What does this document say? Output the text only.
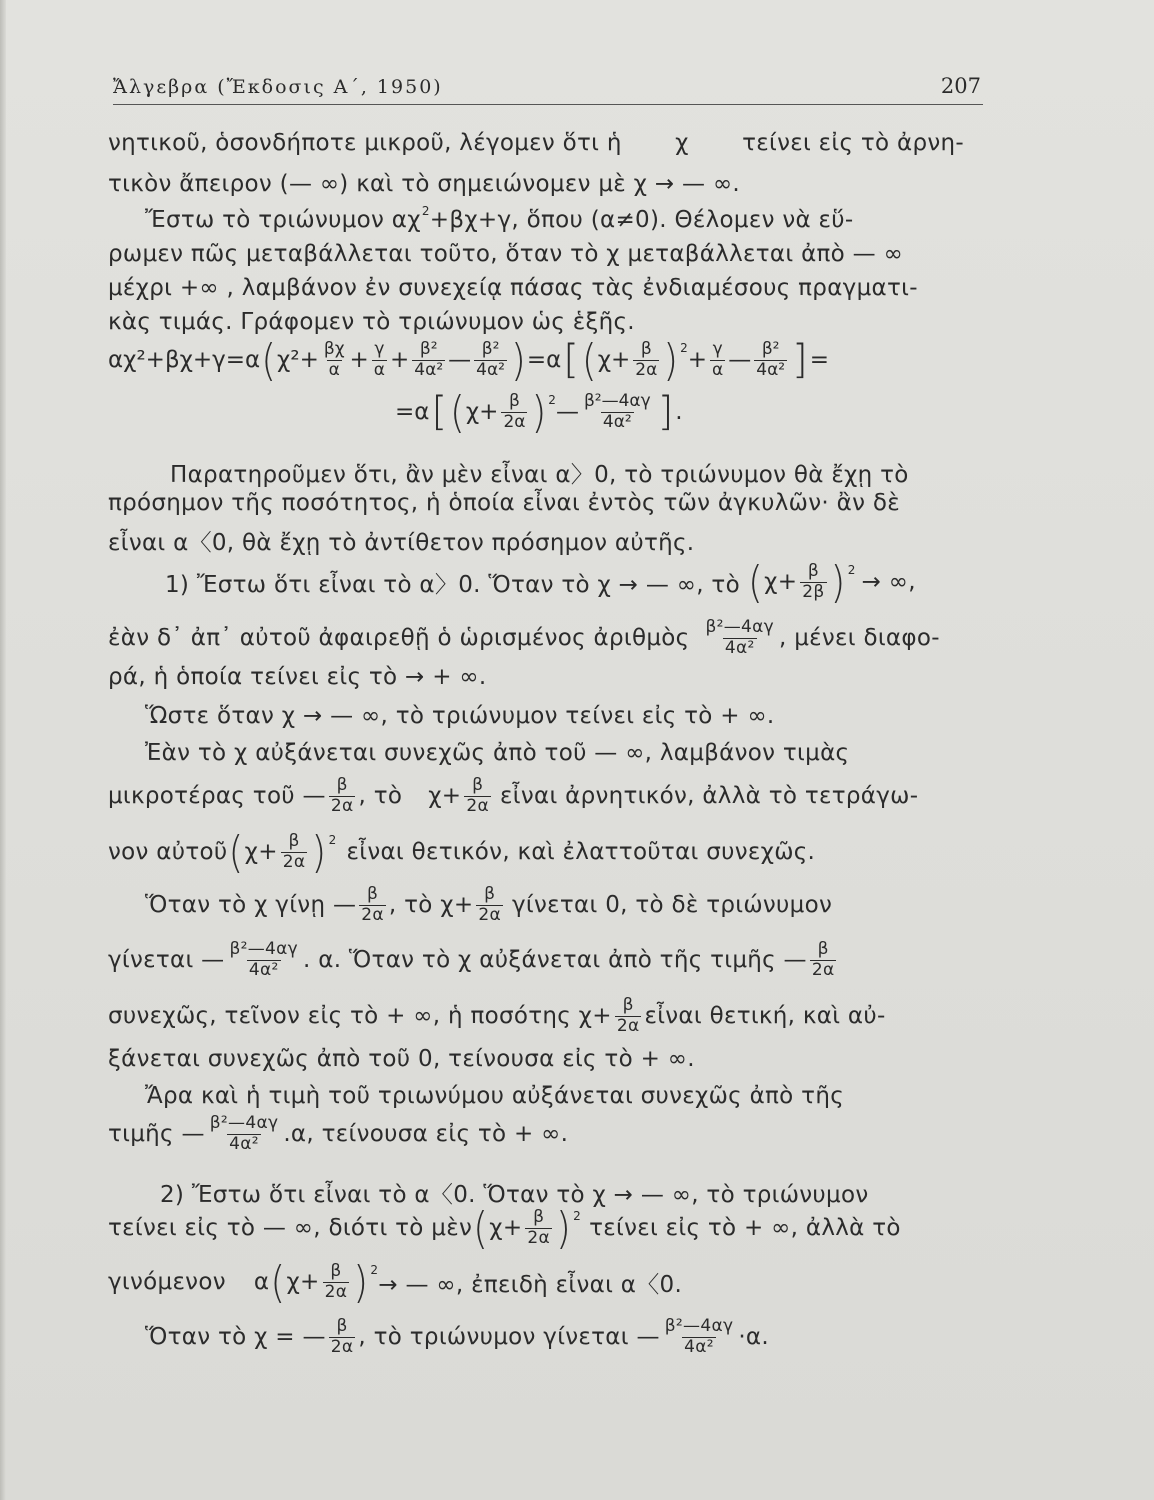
Ἄλγεβρα (Ἔκδοσις Α΄, 1950)	207
νητικοῦ, ὁσονδήποτε μικροῦ, λέγομεν ὅτι ἡ χ τείνει εἰς τὸ ἀρνη-
τικὸν ἄπειρον (— ∞) καὶ τὸ σημειώνομεν μὲ χ → — ∞.
Ἔστω τὸ τριώνυμον $\alpha\chi^2+\beta\chi+\gamma$, ὅπου (α≠0). Θέλομεν νὰ εὕ-
ρωμεν πῶς μεταβάλλεται τοῦτο, ὅταν τὸ χ μεταβάλλεται ἀπὸ — ∞
μέχρι +∞ , λαμβάνον ἐν συνεχείᾳ πάσας τὰς ἐνδιαμέσους πραγματι-
κὰς τιμάς. Γράφομεν τὸ τριώνυμον ὡς ἑξῆς.
αχ²+βχ+γ=α ( $\chi^2 + \frac{\beta\chi}{\alpha} + \frac{\gamma}{\alpha} + \frac{\text{β²}}{\text{4α²}}$ — $\frac{\text{β²}}{\text{4α²}}$ ) =α [ ( $\chi+ \frac{\beta}{2\alpha}$ ) $2 + \frac{\gamma}{\alpha}$ — $\frac{\text{β²}}{\text{4α²}}$ ] =
=α [ ( $\chi+ \frac{\beta}{2\alpha}$ ) 2 — $\frac{\text{β²—4αγ}}{\text{4α²}}$ ] .
Παρατηροῦμεν ὅτι, ἂν μὲν εἶναι α〉0, τὸ τριώνυμον θὰ ἔχῃ τὸ
πρόσημον τῆς ποσότητος, ἡ ὁποία εἶναι ἐντὸς τῶν ἀγκυλῶν· ἂν δὲ
εἶναι α〈0, θὰ ἔχῃ τὸ ἀντίθετον πρόσημον αὐτῆς.
1) Ἔστω ὅτι εἶναι τὸ α〉0. Ὅταν τὸ χ → — ∞, τὸ ( $\chi+ \frac{\beta}{2\beta}$ ) 2 → ∞,
ἐὰν δ᾿ ἀπ᾿ αὐτοῦ ἀφαιρεθῇ ὁ ὡρισμένος ἀριθμὸς $\frac{\text{β²—4αγ}}{\text{4α²}}$ , μένει διαφο-
ρά, ἡ ὁποία τείνει εἰς τὸ → + ∞.
Ὥστε ὅταν χ → — ∞, τὸ τριώνυμον τείνει εἰς τὸ + ∞.
Ἐὰν τὸ χ αὐξάνεται συνεχῶς ἀπὸ τοῦ — ∞, λαμβάνον τιμὰς
μικροτέρας τοῦ — $\frac{\beta}{2\alpha}$ , τὸ $\chi+ \frac{\beta}{2\alpha}$ εἶναι ἀρνητικόν, ἀλλὰ τὸ τετράγω-
νον αὐτοῦ ( $\chi+ \frac{\beta}{2\alpha}$ ) 2 εἶναι θετικόν, καὶ ἐλαττοῦται συνεχῶς.
Ὅταν τὸ χ γίνῃ — $\frac{\beta}{2\alpha}$ , τὸ $\chi+ \frac{\beta}{2\alpha}$ γίνεται 0, τὸ δὲ τριώνυμον
γίνεται — $\frac{\text{β²—4αγ}}{\text{4α²}}$ . α. Ὅταν τὸ χ αὐξάνεται ἀπὸ τῆς τιμῆς — $\frac{\beta}{2\alpha}$
συνεχῶς, τεῖνον εἰς τὸ + ∞, ἡ ποσότης $\chi+ \frac{\beta}{2\alpha}$ εἶναι θετική, καὶ αὐ-
ξάνεται συνεχῶς ἀπὸ τοῦ 0, τείνουσα εἰς τὸ + ∞.
Ἄρα καὶ ἡ τιμὴ τοῦ τριωνύμου αὐξάνεται συνεχῶς ἀπὸ τῆς
τιμῆς — $\frac{\text{β²—4αγ}}{\text{4α²}} .\alpha$, τείνουσα εἰς τὸ + ∞.
2) Ἔστω ὅτι εἶναι τὸ α〈0. Ὅταν τὸ χ → — ∞, τὸ τριώνυμον
τείνει εἰς τὸ — ∞, διότι τὸ μὲν ( $\chi+ \frac{\beta}{2\alpha}$ ) 2 τείνει εἰς τὸ + ∞, ἀλλὰ τὸ
γινόμενον α ( $\chi+ \frac{\beta}{2\alpha}$ ) 2
→ — ∞, ἐπειδὴ εἶναι α〈0.
Ὅταν τὸ χ = — $\frac{\beta}{2\alpha}$ , τὸ τριώνυμον γίνεται — $\frac{\text{β²—4αγ}}{\text{4α²}} \cdot\alpha$.
